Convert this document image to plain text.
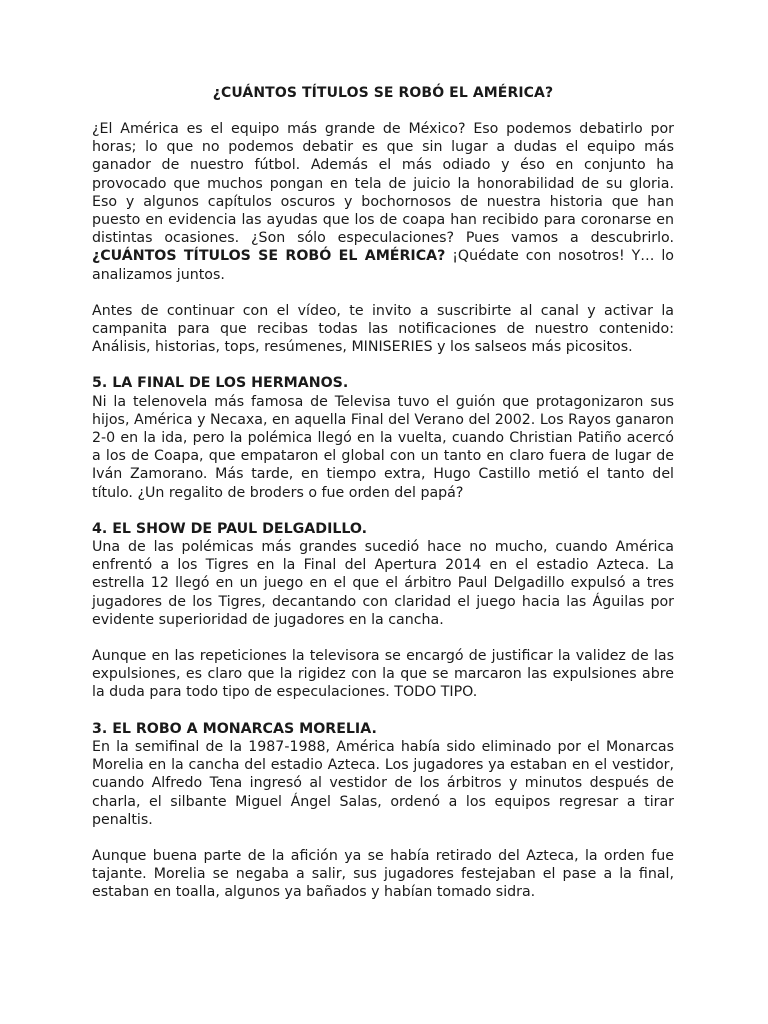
¿CUÁNTOS TÍTULOS SE ROBÓ EL AMÉRICA?

¿El América es el equipo más grande de México? Eso podemos debatirlo por horas; lo que no podemos debatir es que sin lugar a dudas el equipo más ganador de nuestro fútbol. Además el más odiado y éso en conjunto ha provocado que muchos pongan en tela de juicio la honorabilidad de su gloria. Eso y algunos capítulos oscuros y bochornosos de nuestra historia que han puesto en evidencia las ayudas que los de coapa han recibido para coronarse en distintas ocasiones. ¿Son sólo especulaciones? Pues vamos a descubrirlo. ¿CUÁNTOS TÍTULOS SE ROBÓ EL AMÉRICA? ¡Quédate con nosotros! Y… lo analizamos juntos.

Antes de continuar con el vídeo, te invito a suscribirte al canal y activar la campanita para que recibas todas las notificaciones de nuestro contenido: Análisis, historias, tops, resúmenes, MINISERIES y los salseos más picositos.

5. LA FINAL DE LOS HERMANOS.
Ni la telenovela más famosa de Televisa tuvo el guión que protagonizaron sus hijos, América y Necaxa, en aquella Final del Verano del 2002. Los Rayos ganaron 2-0 en la ida, pero la polémica llegó en la vuelta, cuando Christian Patiño acercó a los de Coapa, que empataron el global con un tanto en claro fuera de lugar de Iván Zamorano. Más tarde, en tiempo extra, Hugo Castillo metió el tanto del título. ¿Un regalito de broders o fue orden del papá?

4. EL SHOW DE PAUL DELGADILLO.
Una de las polémicas más grandes sucedió hace no mucho, cuando América enfrentó a los Tigres en la Final del Apertura 2014 en el estadio Azteca. La estrella 12 llegó en un juego en el que el árbitro Paul Delgadillo expulsó a tres jugadores de los Tigres, decantando con claridad el juego hacia las Águilas por evidente superioridad de jugadores en la cancha.

Aunque en las repeticiones la televisora se encargó de justificar la validez de las expulsiones, es claro que la rigidez con la que se marcaron las expulsiones abre la duda para todo tipo de especulaciones. TODO TIPO.

3. EL ROBO A MONARCAS MORELIA.
En la semifinal de la 1987-1988, América había sido eliminado por el Monarcas Morelia en la cancha del estadio Azteca. Los jugadores ya estaban en el vestidor, cuando Alfredo Tena ingresó al vestidor de los árbitros y minutos después de charla, el silbante Miguel Ángel Salas, ordenó a los equipos regresar a tirar penaltis.

Aunque buena parte de la afición ya se había retirado del Azteca, la orden fue tajante. Morelia se negaba a salir, sus jugadores festejaban el pase a la final, estaban en toalla, algunos ya bañados y habían tomado sidra.
